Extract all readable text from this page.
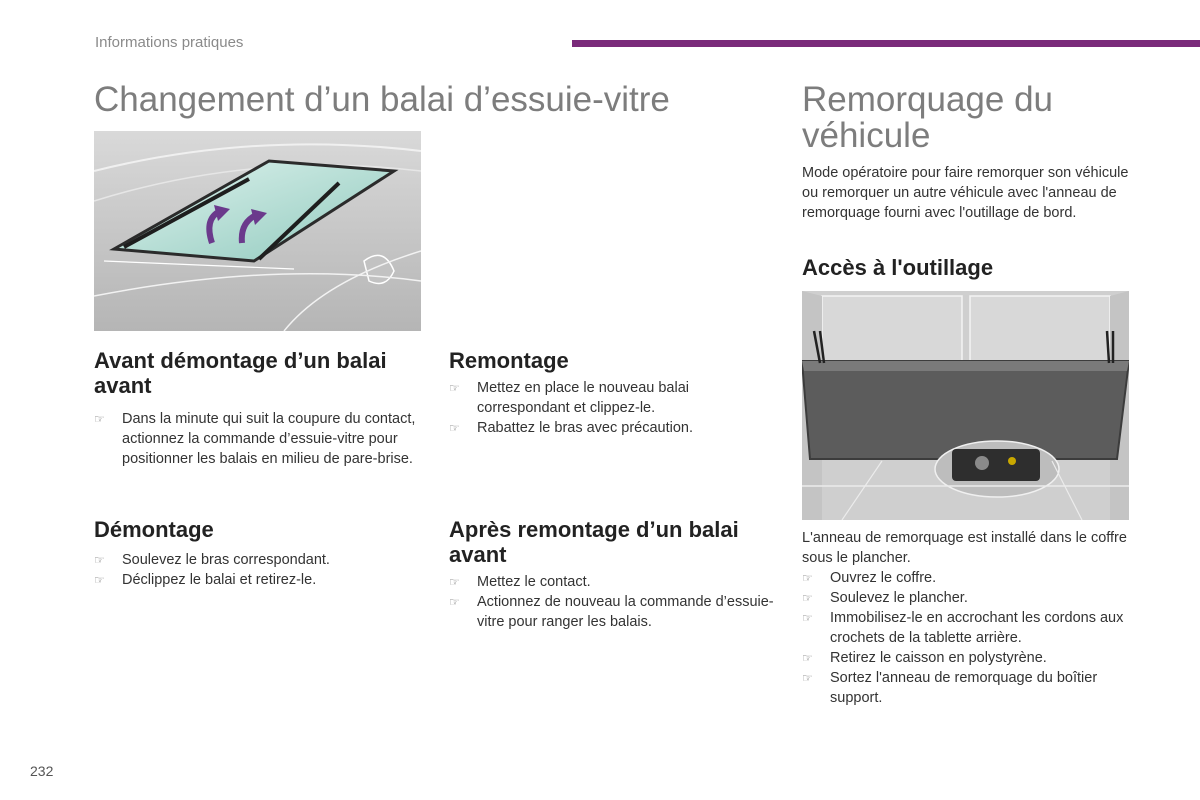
Informations pratiques
Changement d’un balai d’essuie-vitre
Avant démontage d’un balai avant
☞ Dans la minute qui suit la coupure du contact, actionnez la commande d’essuie-vitre pour positionner les balais en milieu de pare-brise.
Démontage
☞ Soulevez le bras correspondant.
☞ Déclippez le balai et retirez-le.
Remontage
☞ Mettez en place le nouveau balai correspondant et clippez-le.
☞ Rabattez le bras avec précaution.
Après remontage d’un balai avant
☞ Mettez le contact.
☞ Actionnez de nouveau la commande d’essuie-vitre pour ranger les balais.
Remorquage du véhicule

Mode opératoire pour faire remorquer son véhicule ou remorquer un autre véhicule avec l'anneau de remorquage fourni avec l'outillage de bord.

Accès à l'outillage

L'anneau de remorquage est installé dans le coffre sous le plancher.

☞ Ouvrez le coffre.
☞ Soulevez le plancher.
☞ Immobilisez-le en accrochant les cordons aux crochets de la tablette arrière.
☞ Retirez le caisson en polystyrène.
☞ Sortez l'anneau de remorquage du boîtier support.
232
